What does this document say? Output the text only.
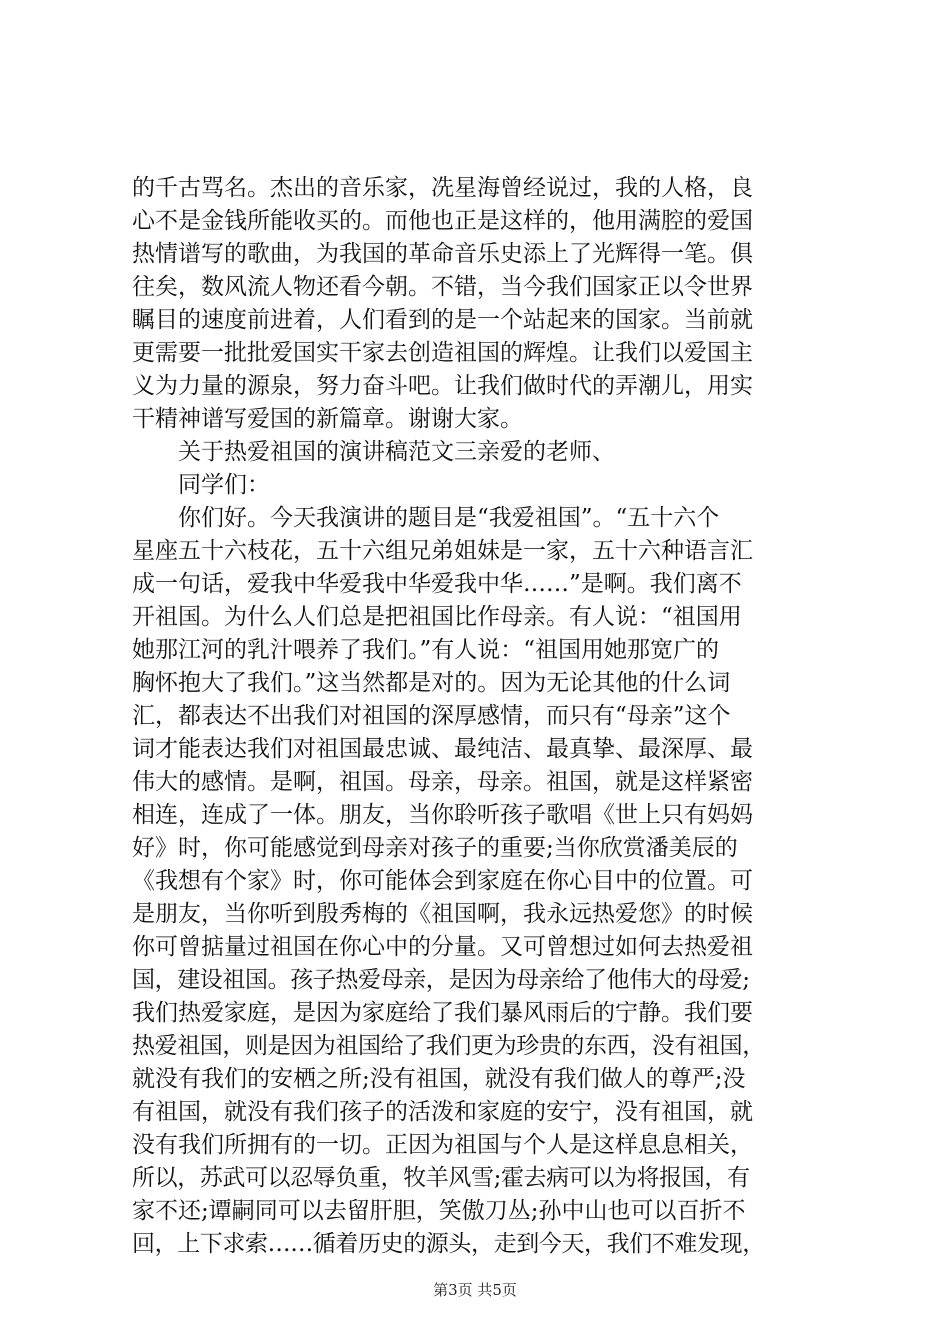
的千古骂名。杰出的音乐家，冼星海曾经说过，我的人格，良
心不是金钱所能收买的。而他也正是这样的，他用满腔的爱国
热情谱写的歌曲，为我国的革命音乐史添上了光辉得一笔。俱
往矣，数风流人物还看今朝。不错，当今我们国家正以令世界
瞩目的速度前进着，人们看到的是一个站起来的国家。当前就
更需要一批批爱国实干家去创造祖国的辉煌。让我们以爱国主
义为力量的源泉，努力奋斗吧。让我们做时代的弄潮儿，用实
干精神谱写爱国的新篇章。谢谢大家。
关于热爱祖国的演讲稿范文三亲爱的老师、
同学们：
你们好。今天我演讲的题目是“我爱祖国”。“五十六个
星座五十六枝花，五十六组兄弟姐妹是一家，五十六种语言汇
成一句话，爱我中华爱我中华爱我中华……”是啊。我们离不
开祖国。为什么人们总是把祖国比作母亲。有人说：“祖国用
她那江河的乳汁喂养了我们。”有人说：“祖国用她那宽广的
胸怀抱大了我们。”这当然都是对的。因为无论其他的什么词
汇，都表达不出我们对祖国的深厚感情，而只有“母亲”这个
词才能表达我们对祖国最忠诚、最纯洁、最真挚、最深厚、最
伟大的感情。是啊，祖国。母亲，母亲。祖国，就是这样紧密
相连，连成了一体。朋友，当你聆听孩子歌唱《世上只有妈妈
好》时，你可能感觉到母亲对孩子的重要;当你欣赏潘美辰的
《我想有个家》时，你可能体会到家庭在你心目中的位置。可
是朋友，当你听到殷秀梅的《祖国啊，我永远热爱您》的时候
你可曾掂量过祖国在你心中的分量。又可曾想过如何去热爱祖
国，建设祖国。孩子热爱母亲，是因为母亲给了他伟大的母爱;
我们热爱家庭，是因为家庭给了我们暴风雨后的宁静。我们要
热爱祖国，则是因为祖国给了我们更为珍贵的东西，没有祖国，
就没有我们的安栖之所;没有祖国，就没有我们做人的尊严;没
有祖国，就没有我们孩子的活泼和家庭的安宁，没有祖国，就
没有我们所拥有的一切。正因为祖国与个人是这样息息相关，
所以，苏武可以忍辱负重，牧羊风雪;霍去病可以为将报国，有
家不还;谭嗣同可以去留肝胆，笑傲刀丛;孙中山也可以百折不
回，上下求索……循着历史的源头，走到今天，我们不难发现，
第3页 共5页
